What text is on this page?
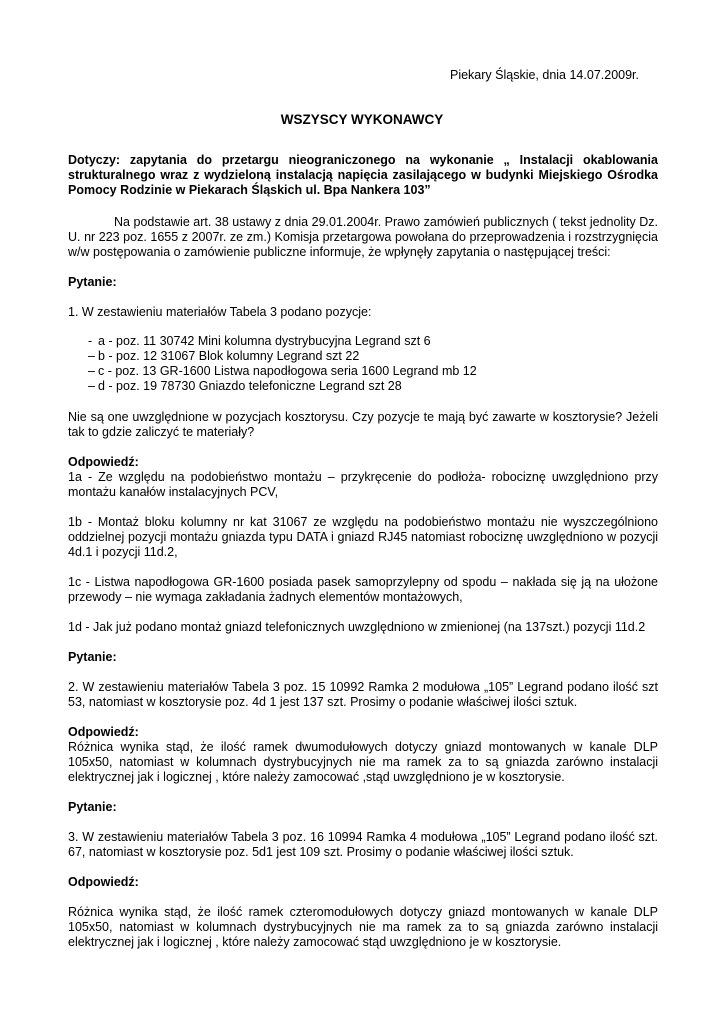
Piekary Śląskie, dnia 14.07.2009r.
WSZYSCY WYKONAWCY

Dotyczy: zapytania do przetargu nieograniczonego na wykonanie „ Instalacji okablowania strukturalnego wraz z wydzieloną instalacją napięcia zasilającego w budynki Miejskiego Ośrodka Pomocy Rodzinie w Piekarach Śląskich ul. Bpa Nankera 103”

Na podstawie art. 38 ustawy z dnia 29.01.2004r. Prawo zamówień publicznych ( tekst jednolity Dz. U. nr 223 poz. 1655 z 2007r. ze zm.) Komisja przetargowa powołana do przeprowadzenia i rozstrzygnięcia w/w postępowania o zamówienie publiczne informuje, że wpłynęły zapytania o następującej treści:

Pytanie:

1. W zestawieniu materiałów Tabela 3 podano pozycje:

- a - poz. 11 30742 Mini kolumna dystrybucyjna Legrand szt 6
– b - poz. 12 31067 Blok kolumny Legrand szt 22
– c - poz. 13 GR-1600 Listwa napodłogowa seria 1600 Legrand mb 12
– d - poz. 19 78730 Gniazdo telefoniczne Legrand szt 28

Nie są one uwzględnione w pozycjach kosztorysu. Czy pozycje te mają być zawarte w kosztorysie? Jeżeli tak to gdzie zaliczyć te materiały?

Odpowiedź:

1a - Ze względu na podobieństwo montażu – przykręcenie do podłoża- robociznę uwzględniono przy montażu kanałów instalacyjnych PCV,

1b - Montaż bloku kolumny nr kat 31067 ze względu na podobieństwo montażu nie wyszczególniono oddzielnej pozycji montażu gniazda typu DATA i gniazd RJ45 natomiast robociznę uwzględniono w pozycji 4d.1 i pozycji 11d.2,

1c - Listwa napodłogowa GR-1600 posiada pasek samoprzylepny od spodu – nakłada się ją na ułożone przewody – nie wymaga zakładania żadnych elementów montażowych,

1d - Jak już podano montaż gniazd telefonicznych uwzględniono w zmienionej (na 137szt.) pozycji 11d.2

Pytanie:

2. W zestawieniu materiałów Tabela 3 poz. 15 10992 Ramka 2 modułowa „105” Legrand podano ilość szt 53, natomiast w kosztorysie poz. 4d 1 jest 137 szt. Prosimy o podanie właściwej ilości sztuk.

Odpowiedź:

Różnica wynika stąd, że ilość ramek dwumodułowych dotyczy gniazd montowanych w kanale DLP 105x50, natomiast w kolumnach dystrybucyjnych nie ma ramek za to są gniazda zarówno instalacji elektrycznej jak i logicznej , które należy zamocować ,stąd uwzględniono je w kosztorysie.

Pytanie:

3. W zestawieniu materiałów Tabela 3 poz. 16 10994 Ramka 4 modułowa „105” Legrand podano ilość szt. 67, natomiast w kosztorysie poz. 5d1 jest 109 szt. Prosimy o podanie właściwej ilości sztuk.

Odpowiedź:

Różnica wynika stąd, że ilość ramek czteromodułowych dotyczy gniazd montowanych w kanale DLP 105x50, natomiast w kolumnach dystrybucyjnych nie ma ramek za to są gniazda zarówno instalacji elektrycznej jak i logicznej , które należy zamocować stąd uwzględniono je w kosztorysie.
